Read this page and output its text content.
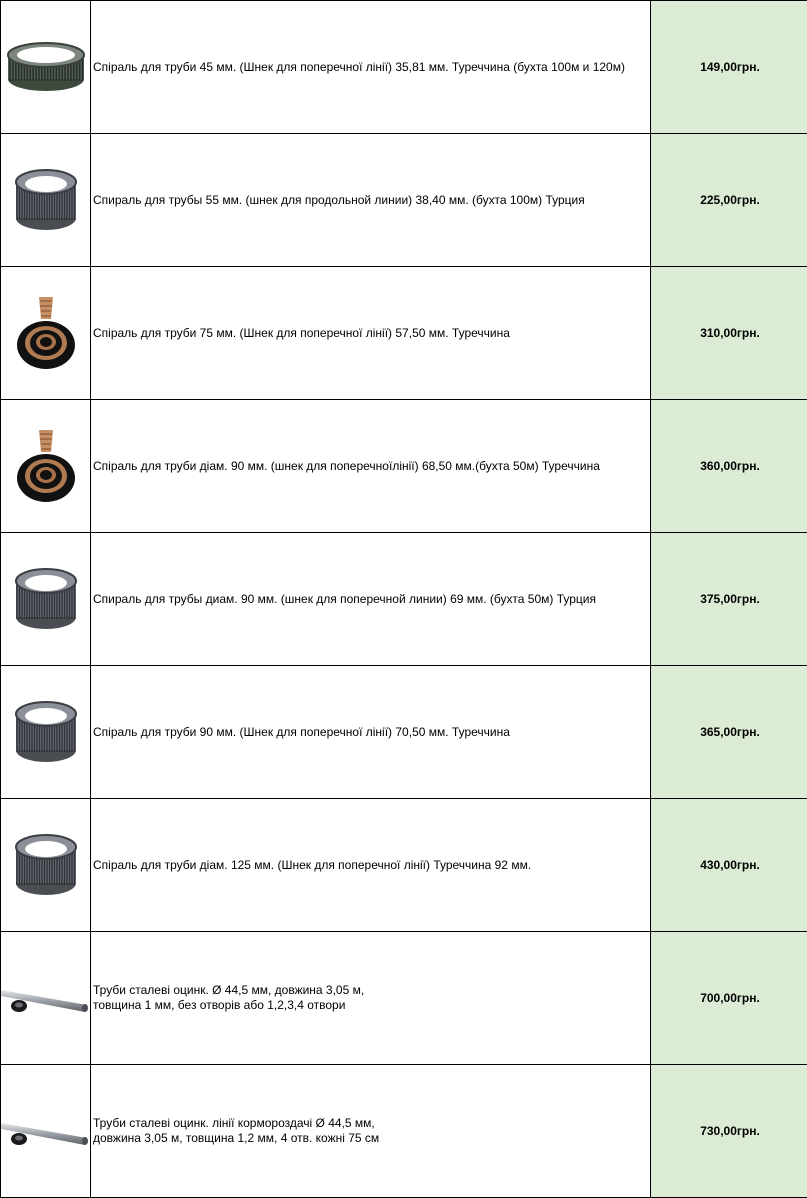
Спіраль для труби 45 мм. (Шнек для поперечної лінії) 35,81 мм. Туреччина (бухта 100м и 120м)	149,00грн.

Спираль для трубы 55 мм. (шнек для продольной линии) 38,40 мм. (бухта 100м) Турция	225,00грн.

Спіраль для труби 75 мм. (Шнек для поперечної лінії) 57,50 мм. Туреччина	310,00грн.

Спіраль для труби діам. 90 мм. (шнек для поперечноїлінії) 68,50 мм.(бухта 50м) Туреччина	360,00грн.

Спираль для трубы диам. 90 мм. (шнек для поперечной линии) 69 мм. (бухта 50м) Турция	375,00грн.

Спіраль для труби 90 мм. (Шнек для поперечної лінії) 70,50 мм. Туреччина	365,00грн.

Спіраль для труби діам. 125 мм. (Шнек для поперечної лінії) Туреччина 92 мм.	430,00грн.

Труби сталеві оцинк. Ø 44,5 мм, довжина 3,05 м,
товщина 1 мм, без отворів або 1,2,3,4 отвори	700,00грн.

Труби сталеві оцинк. лінії кормороздачі Ø 44,5 мм,
довжина 3,05 м, товщина 1,2 мм, 4 отв. кожні 75 см	730,00грн.
